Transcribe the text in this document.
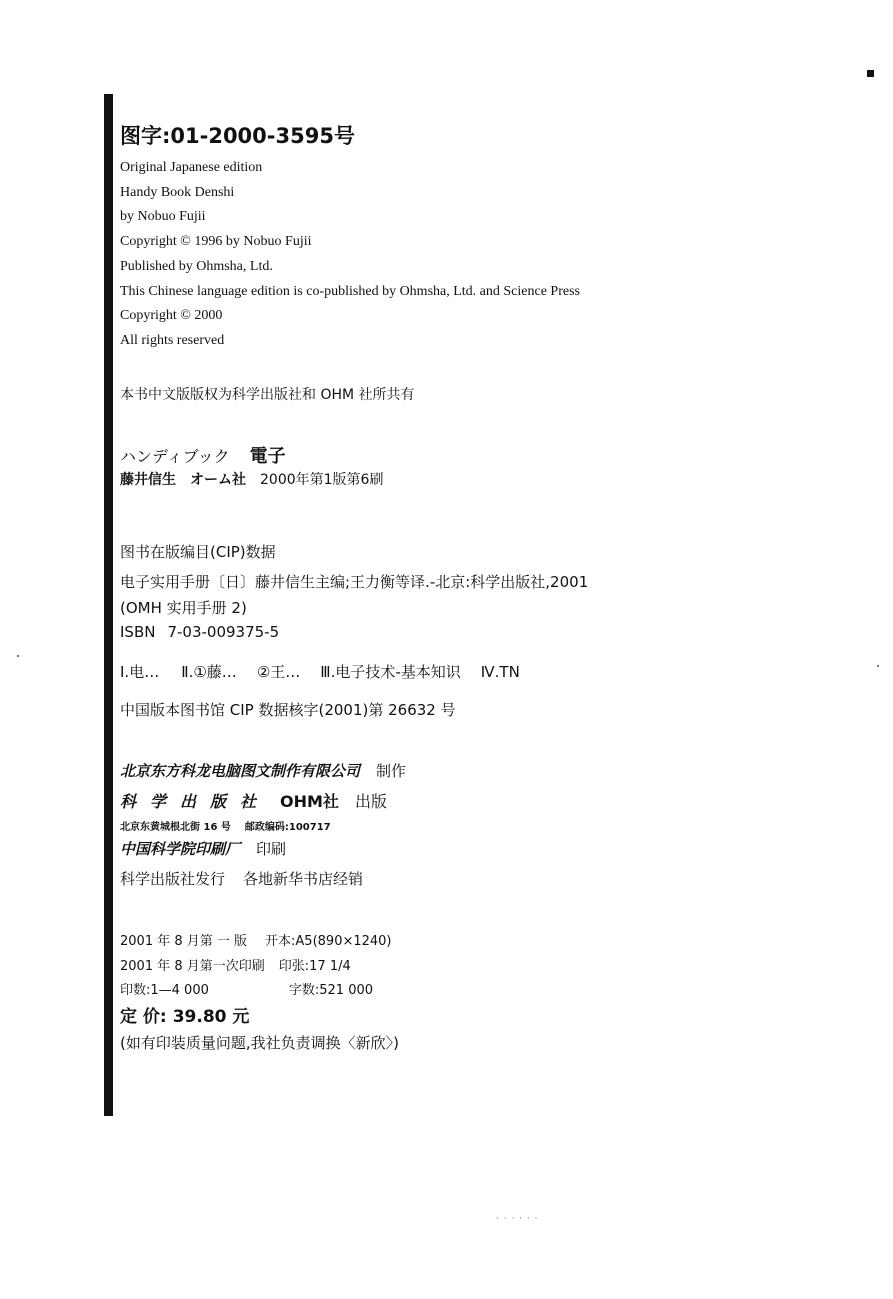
· · · · · ·
图字:01-2000-3595号
Original Japanese edition
Handy Book Denshi
by Nobuo Fujii
Copyright © 1996 by Nobuo Fujii
Published by Ohmsha, Ltd.
This Chinese language edition is co-published by Ohmsha, Ltd. and Science Press
Copyright © 2000
All rights reserved
本书中文版版权为科学出版社和 OHM 社所共有
ハンディブック 電子
藤井信生 オーム社 2000年第1版第6刷
图书在版编目(CIP)数据
电子实用手册〔日〕藤井信生主编;王力衡等译.-北京:科学出版社,2001
(OMH 实用手册 2)
ISBN 7-03-009375-5
Ⅰ.电… Ⅱ.①藤… ②王… Ⅲ.电子技术-基本知识 Ⅳ.TN
中国版本图书馆 CIP 数据核字(2001)第 26632 号
北京东方科龙电脑图文制作有限公司 制作
科学出版社 OHM社 出版
北京东黄城根北街 16 号 邮政编码:100717
中国科学院印刷厂 印刷
科学出版社发行 各地新华书店经销
2001 年 8 月第 一 版 开本:A5(890×1240)
2001 年 8 月第一次印刷 印张:17 1/4
印数:1—4 000	字数:521 000
定 价: 39.80 元
(如有印装质量问题,我社负责调换〈新欣〉)
